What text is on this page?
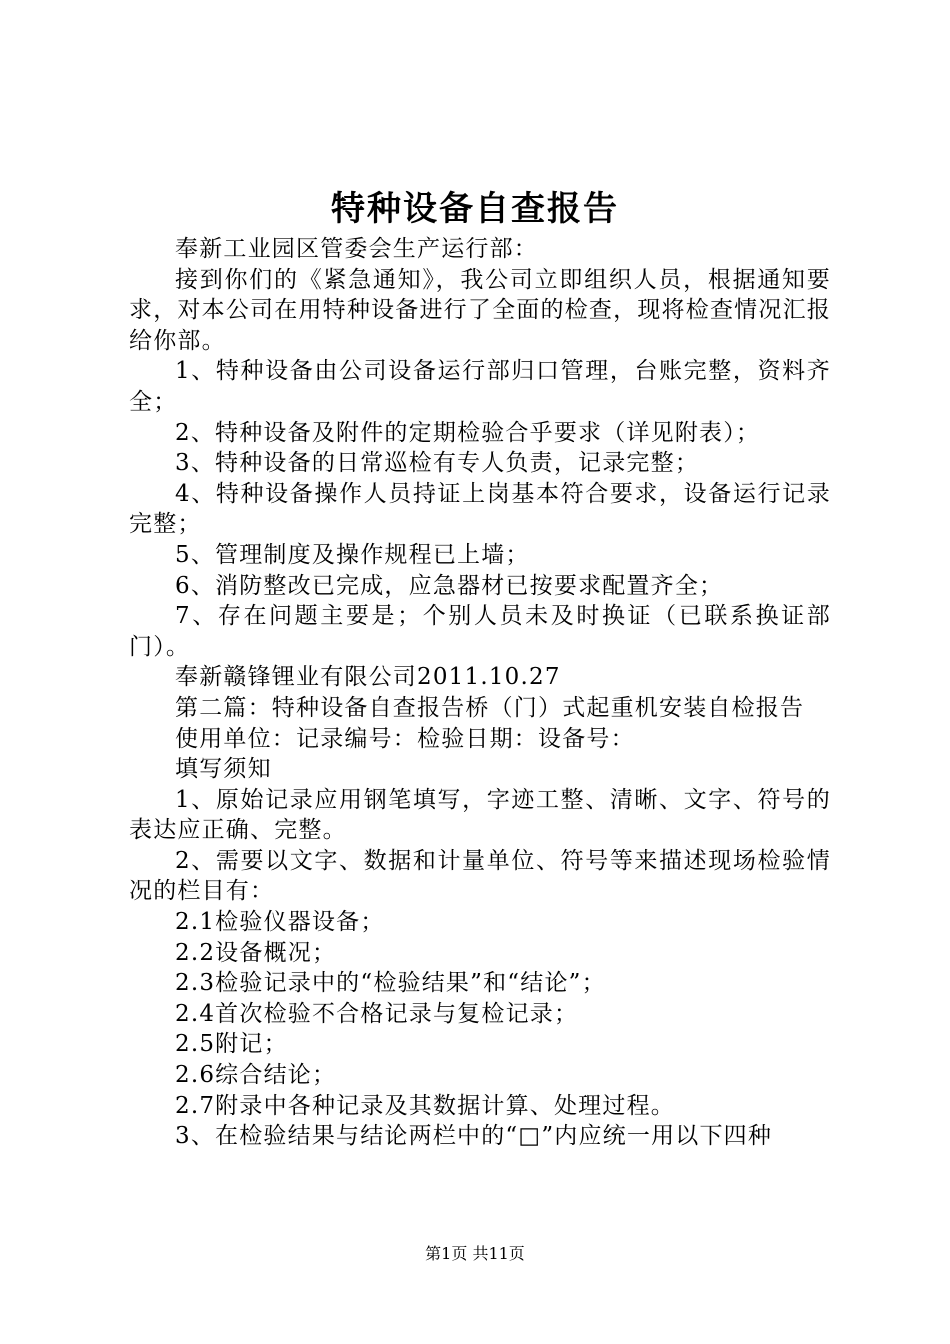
特种设备自查报告

奉新工业园区管委会生产运行部：

接到你们的《紧急通知》，我公司立即组织人员，根据通知要求，对本公司在用特种设备进行了全面的检查，现将检查情况汇报给你部。

1、特种设备由公司设备运行部归口管理，台账完整，资料齐全；

2、特种设备及附件的定期检验合乎要求（详见附表）；

3、特种设备的日常巡检有专人负责，记录完整；

4、特种设备操作人员持证上岗基本符合要求，设备运行记录完整；

5、管理制度及操作规程已上墙；

6、消防整改已完成，应急器材已按要求配置齐全；

7、存在问题主要是；个别人员未及时换证（已联系换证部门）。

奉新赣锋锂业有限公司2011.10.27

第二篇：特种设备自查报告桥（门）式起重机安装自检报告

使用单位：记录编号：检验日期：设备号：

填写须知

1、原始记录应用钢笔填写，字迹工整、清晰、文字、符号的表达应正确、完整。

2、需要以文字、数据和计量单位、符号等来描述现场检验情况的栏目有：

2.1检验仪器设备；

2.2设备概况；

2.3检验记录中的“检验结果”和“结论”；

2.4首次检验不合格记录与复检记录；

2.5附记；

2.6综合结论；

2.7附录中各种记录及其数据计算、处理过程。

3、在检验结果与结论两栏中的“□”内应统一用以下四种

第1页 共11页
